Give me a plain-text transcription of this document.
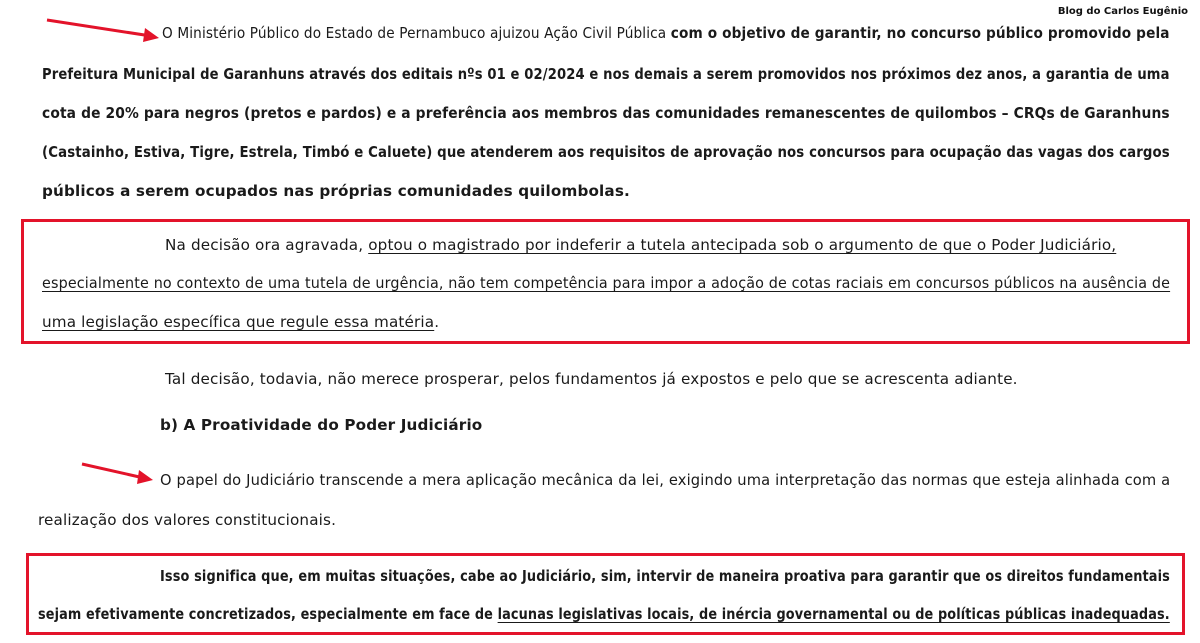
Blog do Carlos Eugênio
O Ministério Público do Estado de Pernambuco ajuizou Ação Civil Pública com o objetivo de garantir, no concurso público promovido pela
Prefeitura Municipal de Garanhuns através dos editais nºs 01 e 02/2024 e nos demais a serem promovidos nos próximos dez anos, a garantia de uma
cota de 20% para negros (pretos e pardos) e a preferência aos membros das comunidades remanescentes de quilombos – CRQs de Garanhuns
(Castainho, Estiva, Tigre, Estrela, Timbó e Caluete) que atenderem aos requisitos de aprovação nos concursos para ocupação das vagas dos cargos
públicos a serem ocupados nas próprias comunidades quilombolas.
Na decisão ora agravada, optou o magistrado por indeferir a tutela antecipada sob o argumento de que o Poder Judiciário,
especialmente no contexto de uma tutela de urgência, não tem competência para impor a adoção de cotas raciais em concursos públicos na ausência de
uma legislação específica que regule essa matéria.
Tal decisão, todavia, não merece prosperar, pelos fundamentos já expostos e pelo que se acrescenta adiante.
b) A Proatividade do Poder Judiciário
O papel do Judiciário transcende a mera aplicação mecânica da lei, exigindo uma interpretação das normas que esteja alinhada com a
realização dos valores constitucionais.
Isso significa que, em muitas situações, cabe ao Judiciário, sim, intervir de maneira proativa para garantir que os direitos fundamentais
sejam efetivamente concretizados, especialmente em face de lacunas legislativas locais, de inércia governamental ou de políticas públicas inadequadas.
